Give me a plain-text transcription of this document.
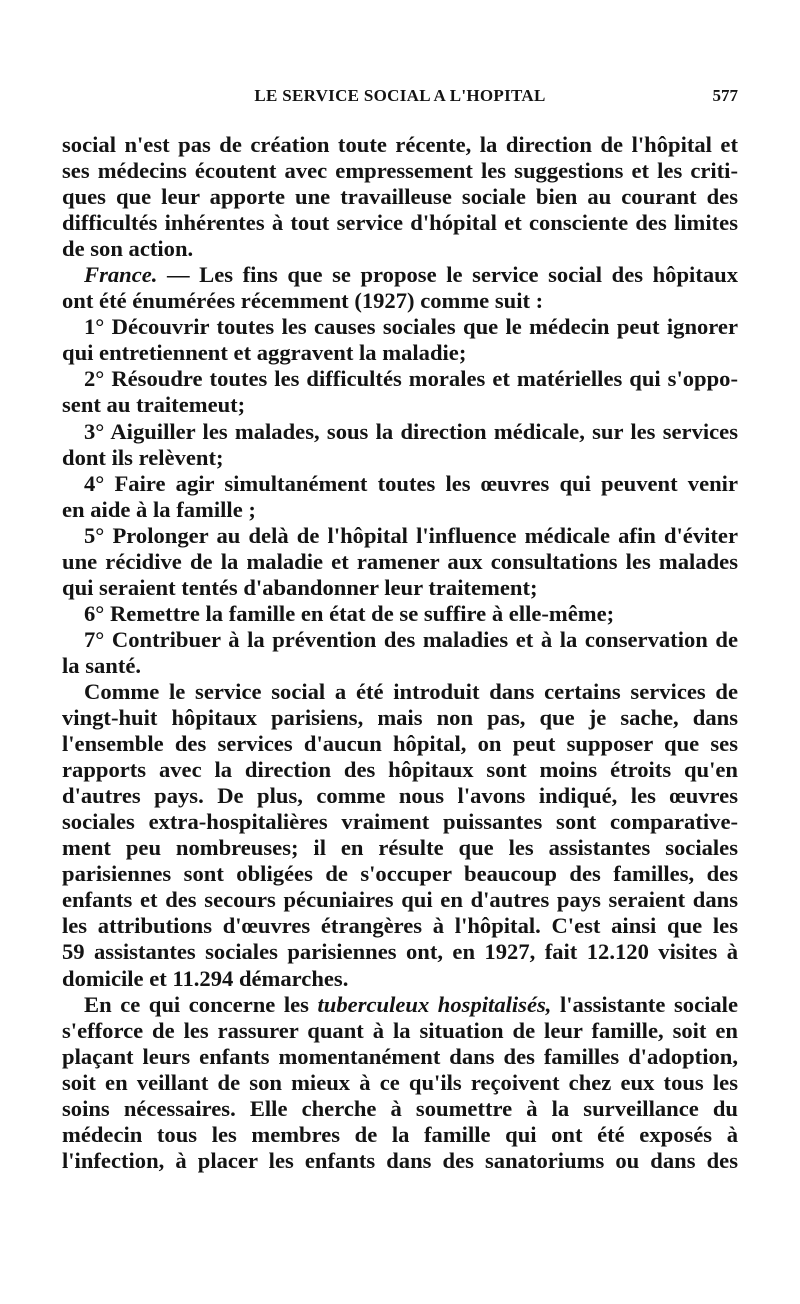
LE SERVICE SOCIAL A L'HOPITAL	577
social n'est pas de création toute récente, la direction de l'hôpital et
ses médecins écoutent avec empressement les suggestions et les criti-
ques que leur apporte une travailleuse sociale bien au courant des
difficultés inhérentes à tout service d'hópital et consciente des limites
de son action.
France. — Les fins que se propose le service social des hôpitaux
ont été énumérées récemment (1927) comme suit :
1° Découvrir toutes les causes sociales que le médecin peut ignorer
qui entretiennent et aggravent la maladie;
2° Résoudre toutes les difficultés morales et matérielles qui s'oppo-
sent au traitemeut;
3° Aiguiller les malades, sous la direction médicale, sur les services
dont ils relèvent;
4° Faire agir simultanément toutes les œuvres qui peuvent venir
en aide à la famille ;
5° Prolonger au delà de l'hôpital l'influence médicale afin d'éviter
une récidive de la maladie et ramener aux consultations les malades
qui seraient tentés d'abandonner leur traitement;
6° Remettre la famille en état de se suffire à elle-même;
7° Contribuer à la prévention des maladies et à la conservation de
la santé.
Comme le service social a été introduit dans certains services de
vingt-huit hôpitaux parisiens, mais non pas, que je sache, dans
l'ensemble des services d'aucun hôpital, on peut supposer que ses
rapports avec la direction des hôpitaux sont moins étroits qu'en
d'autres pays. De plus, comme nous l'avons indiqué, les œuvres
sociales extra-hospitalières vraiment puissantes sont comparative-
ment peu nombreuses; il en résulte que les assistantes sociales
parisiennes sont obligées de s'occuper beaucoup des familles, des
enfants et des secours pécuniaires qui en d'autres pays seraient dans
les attributions d'œuvres étrangères à l'hôpital. C'est ainsi que les
59 assistantes sociales parisiennes ont, en 1927, fait 12.120 visites à
domicile et 11.294 démarches.
En ce qui concerne les tuberculeux hospitalisés, l'assistante sociale
s'efforce de les rassurer quant à la situation de leur famille, soit en
plaçant leurs enfants momentanément dans des familles d'adoption,
soit en veillant de son mieux à ce qu'ils reçoivent chez eux tous les
soins nécessaires. Elle cherche à soumettre à la surveillance du
médecin tous les membres de la famille qui ont été exposés à
l'infection, à placer les enfants dans des sanatoriums ou dans des
